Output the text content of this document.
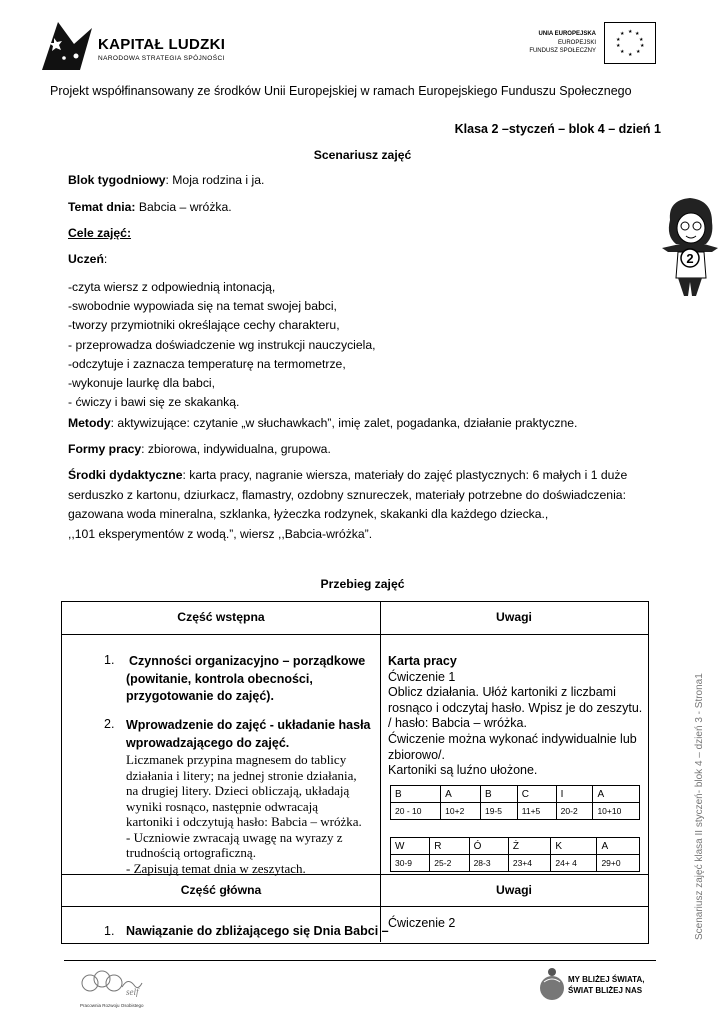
KAPITAŁ LUDZKI
NARODOWA STRATEGIA SPÓJNOŚCI
UNIA EUROPEJSKA
EUROPEJSKI
FUNDUSZ SPOŁECZNY
★ ★
★
★
★
★
★
★
★
★
Projekt współfinansowany ze środków Unii Europejskiej w ramach Europejskiego Funduszu Społecznego
Klasa 2 –styczeń – blok 4 – dzień 1
Scenariusz zajęć
Blok tygodniowy: Moja rodzina i ja.
Temat dnia: Babcia – wróżka.
Cele zajęć:
Uczeń:
-czyta wiersz z odpowiednią intonacją,
-swobodnie wypowiada się na temat swojej babci,
-tworzy przymiotniki określające cechy charakteru,
- przeprowadza doświadczenie wg instrukcji nauczyciela,
-odczytuje i zaznacza temperaturę na termometrze,
-wykonuje laurkę dla babci,
- ćwiczy i bawi się ze skakanką.
Metody: aktywizujące: czytanie „w słuchawkach”, imię zalet, pogadanka, działanie praktyczne.
Formy pracy: zbiorowa, indywidualna, grupowa.
Środki dydaktyczne: karta pracy, nagranie wiersza, materiały do zajęć plastycznych: 6 małych i 1 duże
serduszko z kartonu, dziurkacz, flamastry, ozdobny sznureczek, materiały potrzebne do doświadczenia:
gazowana woda mineralna, szklanka, łyżeczka rodzynek, skakanki dla każdego dziecka.,
,,101 eksperymentów z wodą.”, wiersz ,,Babcia-wróżka”.
2
Przebieg zajęć
Część wstępna	Uwagi
1. Czynności organizacyjno – porządkowe
(powitanie, kontrola obecności,
przygotowanie do zajęć).
2. Wprowadzenie do zajęć - układanie hasła
wprowadzającego do zajęć.
Liczmanek przypina magnesem do tablicy
działania i litery; na jednej stronie działania,
na drugiej litery. Dzieci obliczają, układają
wyniki rosnąco, następnie odwracają
kartoniki i odczytują hasło: Babcia – wróżka.
- Uczniowie zwracają uwagę na wyrazy z
trudnością ortograficzną.
- Zapisują temat dnia w zeszytach.
Karta pracy
Ćwiczenie 1
Oblicz działania. Ułóż kartoniki z liczbami
rosnąco i odczytaj hasło. Wpisz je do zeszytu.
/ hasło: Babcia – wróżka.
Ćwiczenie można wykonać indywidualnie lub
zbiorowo/.
Kartoniki są luźno ułożone.
B	A	B	C	I	A
20 - 10	10+2	19-5	11+5	20-2	10+10
W	R	Ó	Ż	K	A
30-9	25-2	28-3	23+4	24+ 4	29+0
Część główna	Uwagi
1. Nawiązanie do zbliżającego się Dnia Babci –
Ćwiczenie 2
self
Pracownia Rozwoju Osobistego
MY BLIŻEJ ŚWIATA,
ŚWIAT BLIŻEJ NAS
Scenariusz zajęć klasa II styczeń- blok 4 – dzień 3 - Strona1
